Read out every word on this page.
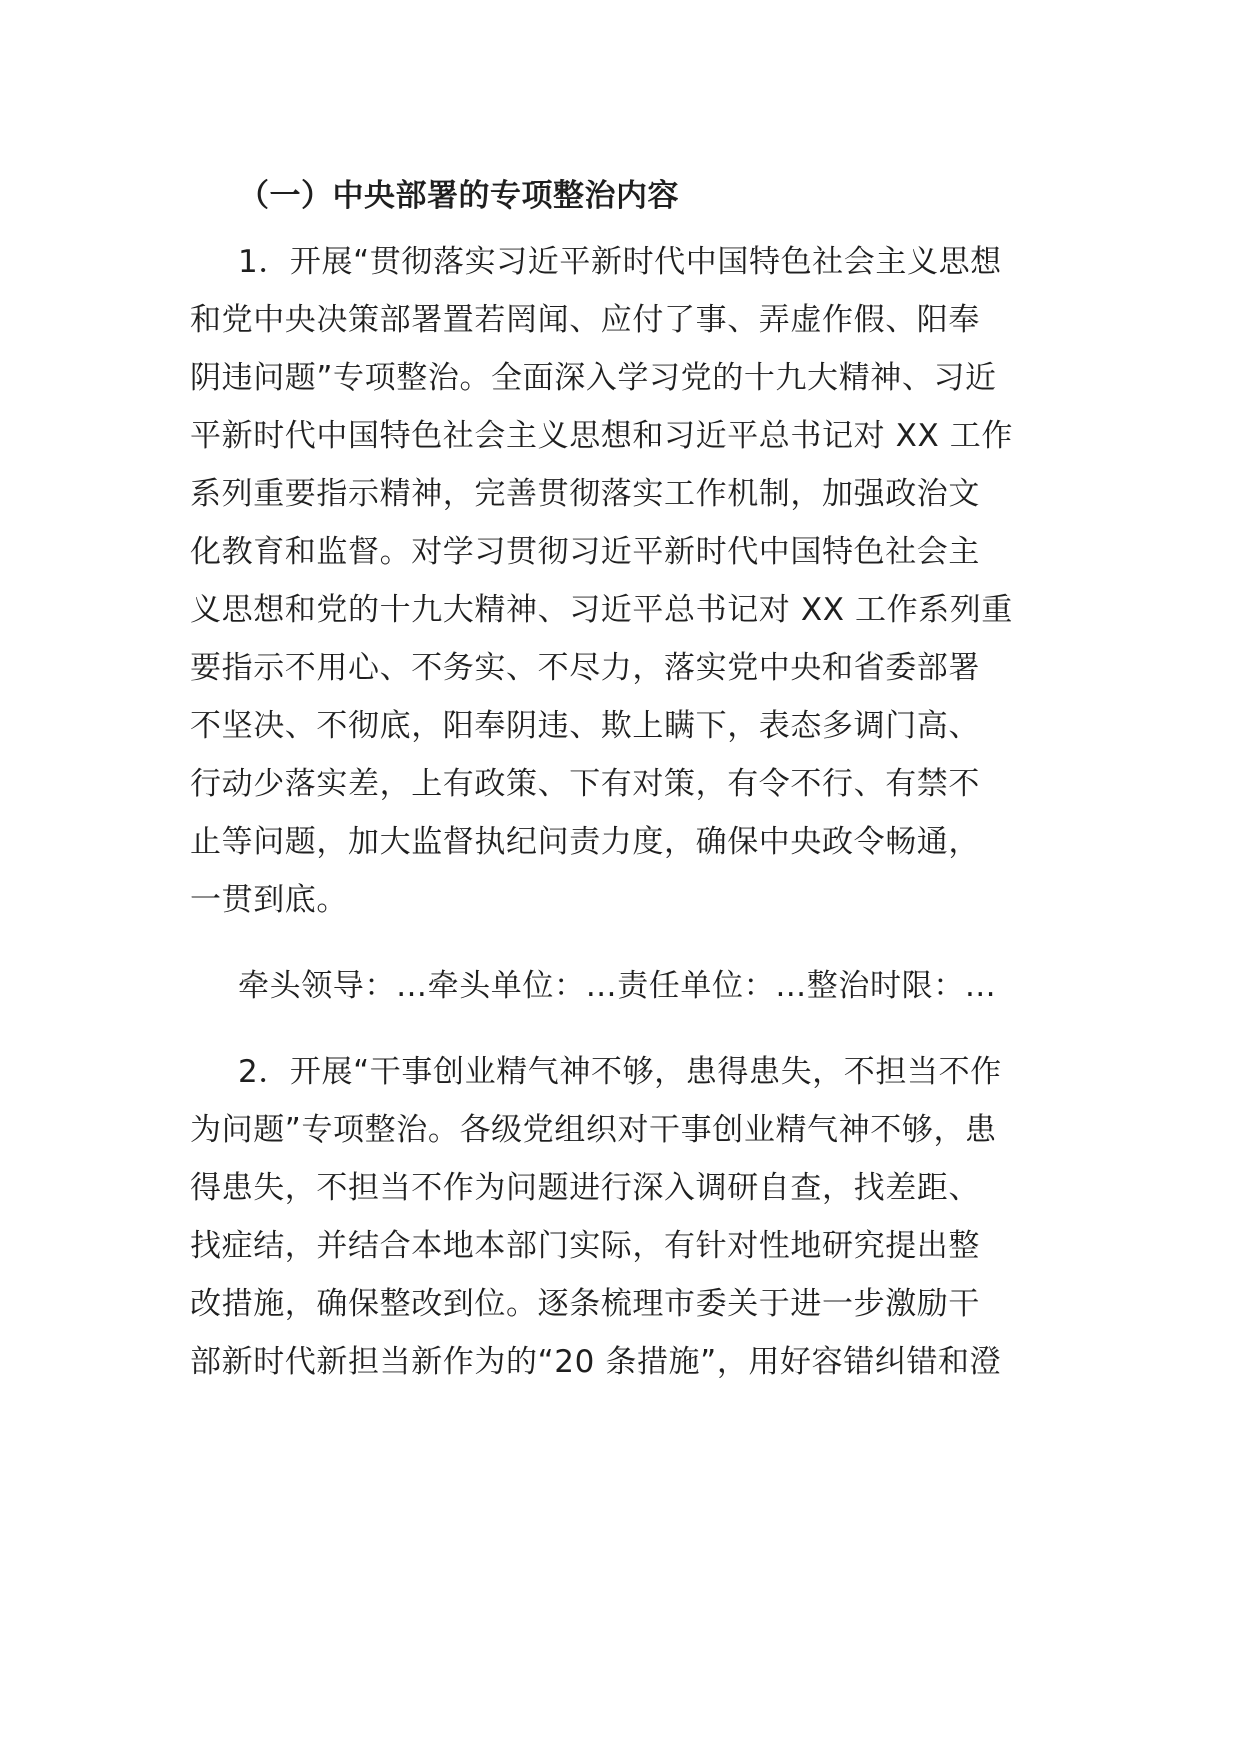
（一）中央部署的专项整治内容
1．开展“贯彻落实习近平新时代中国特色社会主义思想
和党中央决策部署置若罔闻、应付了事、弄虚作假、阳奉
阴违问题”专项整治。全面深入学习党的十九大精神、习近
平新时代中国特色社会主义思想和习近平总书记对 XX 工作
系列重要指示精神，完善贯彻落实工作机制，加强政治文
化教育和监督。对学习贯彻习近平新时代中国特色社会主
义思想和党的十九大精神、习近平总书记对 XX 工作系列重
要指示不用心、不务实、不尽力，落实党中央和省委部署
不坚决、不彻底，阳奉阴违、欺上瞒下，表态多调门高、
行动少落实差，上有政策、下有对策，有令不行、有禁不
止等问题，加大监督执纪问责力度，确保中央政令畅通，
一贯到底。
牵头领导：…牵头单位：…责任单位：…整治时限：…
2．开展“干事创业精气神不够，患得患失，不担当不作
为问题”专项整治。各级党组织对干事创业精气神不够，患
得患失，不担当不作为问题进行深入调研自查，找差距、
找症结，并结合本地本部门实际，有针对性地研究提出整
改措施，确保整改到位。逐条梳理市委关于进一步激励干
部新时代新担当新作为的“20 条措施”，用好容错纠错和澄
